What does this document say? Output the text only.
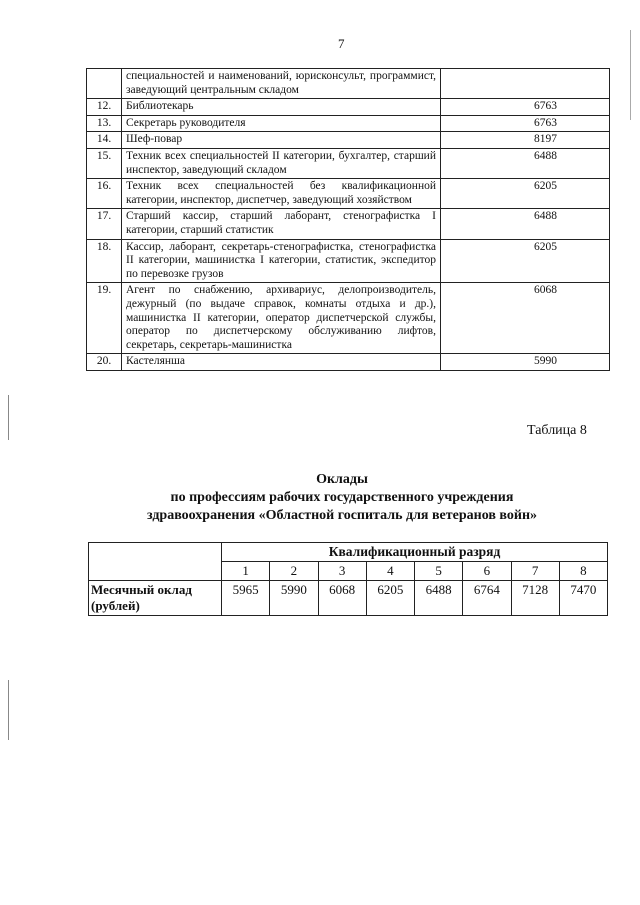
7
	специальностей и наименований, юрисконсульт, программист, заведующий центральным складом	
12.	Библиотекарь	6763
13.	Секретарь руководителя	6763
14.	Шеф-повар	8197
15.	Техник всех специальностей II категории, бухгалтер, старший инспектор, заведующий складом	6488
16.	Техник всех специальностей без квалификационной категории, инспектор, диспетчер, заведующий хозяйством	6205
17.	Старший кассир, старший лаборант, стенографистка I категории, старший статистик	6488
18.	Кассир, лаборант, секретарь-стенографистка, стенографистка II категории, машинистка I категории, статистик, экспедитор по перевозке грузов	6205
19.	Агент по снабжению, архивариус, делопроизводитель, дежурный (по выдаче справок, комнаты отдыха и др.), машинистка II категории, оператор диспетчерской службы, оператор по диспетчерскому обслуживанию лифтов, секретарь, секретарь-машинистка	6068
20.	Кастелянша	5990
Таблица 8
Оклады
по профессиям рабочих государственного учреждения
здравоохранения «Областной госпиталь для ветеранов войн»
	Квалификационный разряд							
	1	2	3	4	5	6	7	8
Месячный оклад (рублей)	5965	5990	6068	6205	6488	6764	7128	7470
